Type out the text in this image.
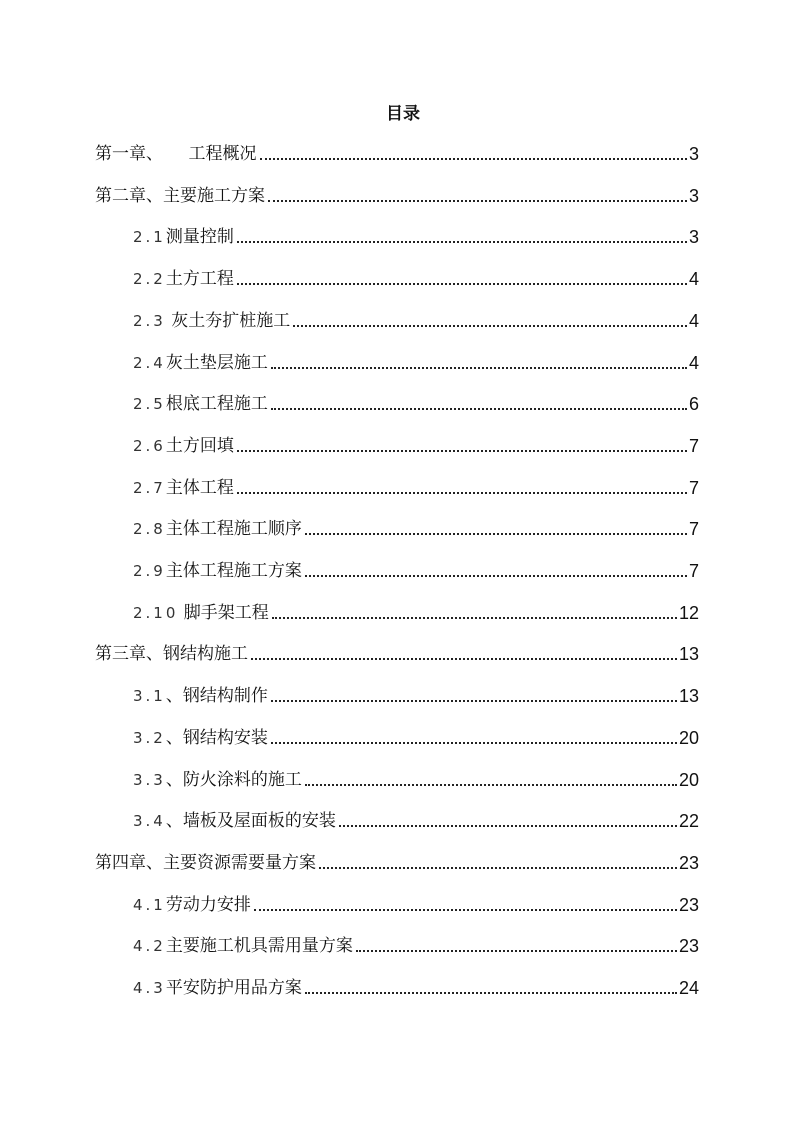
目录
第一章、　　工程概况	3
第二章、主要施工方案	3
2.1 测量控制	3
2.2 土方工程	4
2.3 灰土夯扩桩施工	4
2.4 灰土垫层施工	4
2.5 根底工程施工	6
2.6 土方回填	7
2.7 主体工程	7
2.8 主体工程施工顺序	7
2.9 主体工程施工方案	7
2.10 脚手架工程	12
第三章、钢结构施工	13
3.1 、钢结构制作	13
3.2 、钢结构安装	20
3.3 、防火涂料的施工	20
3.4 、墙板及屋面板的安装	22
第四章、主要资源需要量方案	23
4.1 劳动力安排	23
4.2 主要施工机具需用量方案	23
4.3 平安防护用品方案	24
